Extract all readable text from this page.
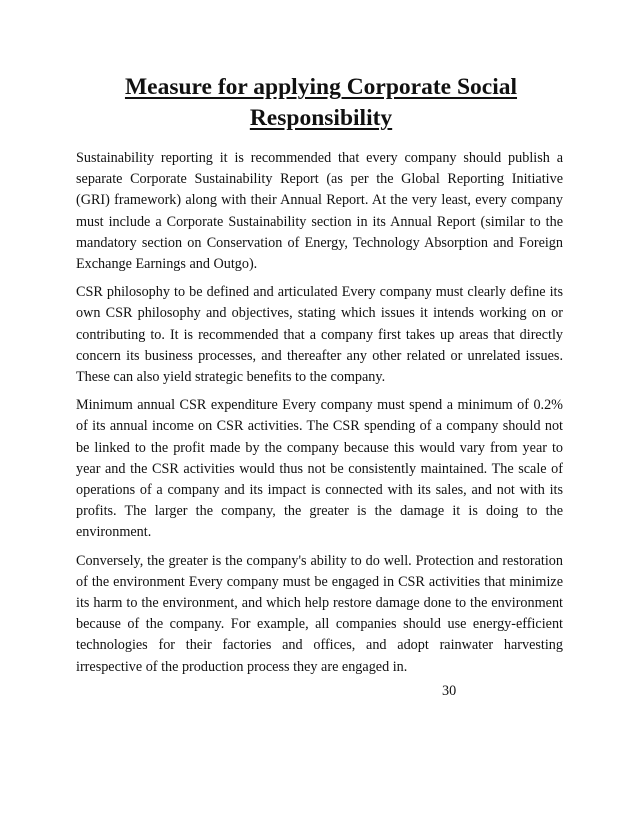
Measure for applying Corporate Social
Responsibility

Sustainability reporting it is recommended that every company should publish a separate Corporate Sustainability Report (as per the Global Reporting Initiative (GRI) framework) along with their Annual Report. At the very least, every company must include a Corporate Sustainability section in its Annual Report (similar to the mandatory section on Conservation of Energy, Technology Absorption and Foreign Exchange Earnings and Outgo).

CSR philosophy to be defined and articulated Every company must clearly define its own CSR philosophy and objectives, stating which issues it intends working on or contributing to. It is recommended that a company first takes up areas that directly concern its business processes, and thereafter any other related or unrelated issues. These can also yield strategic benefits to the company.

Minimum annual CSR expenditure Every company must spend a minimum of 0.2% of its annual income on CSR activities. The CSR spending of a company should not be linked to the profit made by the company because this would vary from year to year and the CSR activities would thus not be consistently maintained. The scale of operations of a company and its impact is connected with its sales, and not with its profits. The larger the company, the greater is the damage it is doing to the environment.

Conversely, the greater is the company's ability to do well. Protection and restoration of the environment Every company must be engaged in CSR activities that minimize its harm to the environment, and which help restore damage done to the environment because of the company. For example, all companies should use energy-efficient technologies for their factories and offices, and adopt rainwater harvesting irrespective of the production process they are engaged in.

30
